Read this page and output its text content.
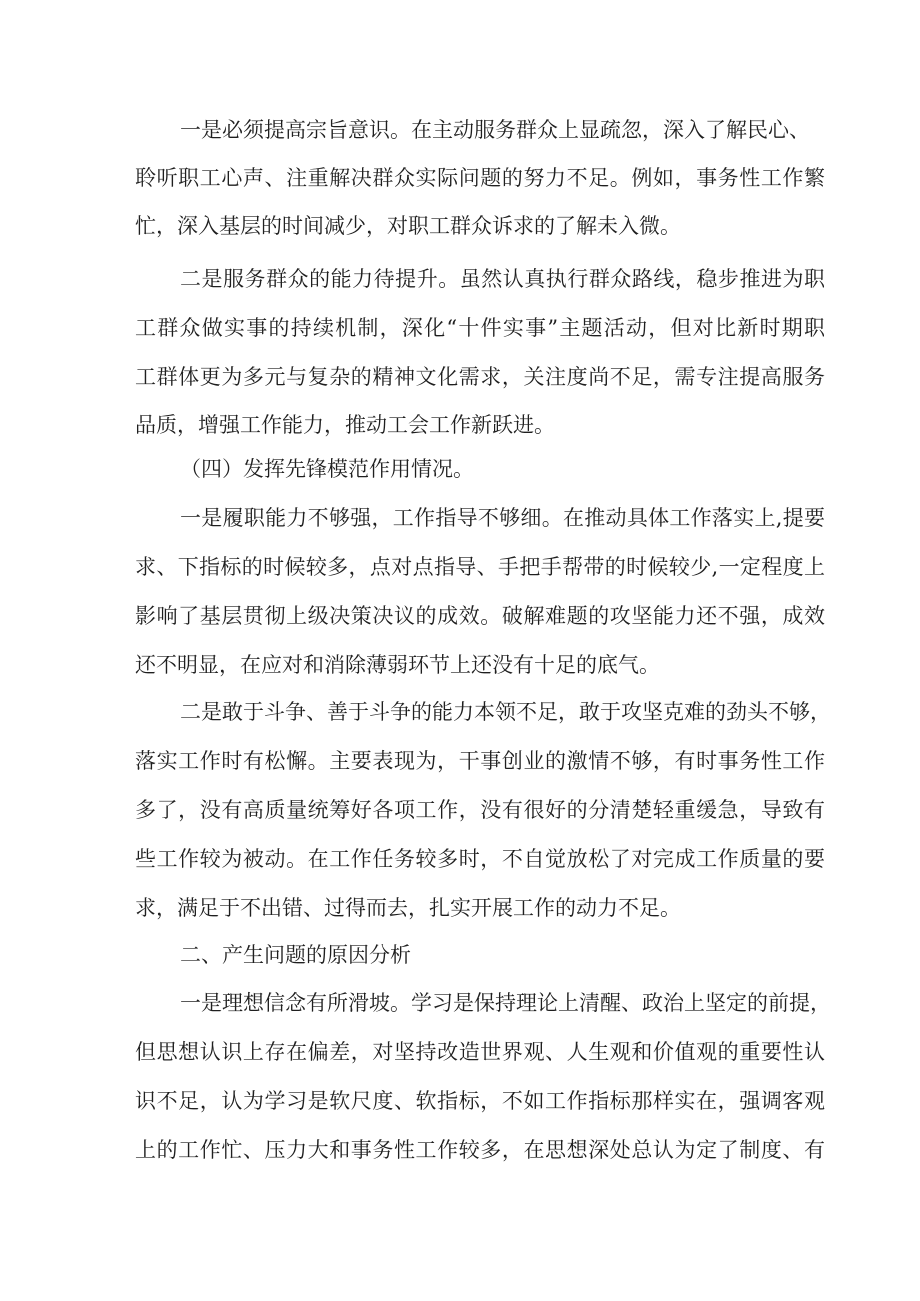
一是必须提高宗旨意识。在主动服务群众上显疏忽，深入了解民心、

聆听职工心声、注重解决群众实际问题的努力不足。例如，事务性工作繁

忙，深入基层的时间减少，对职工群众诉求的了解未入微。

二是服务群众的能力待提升。虽然认真执行群众路线，稳步推进为职

工群众做实事的持续机制，深化“十件实事”主题活动，但对比新时期职

工群体更为多元与复杂的精神文化需求，关注度尚不足，需专注提高服务

品质，增强工作能力，推动工会工作新跃进。

（四）发挥先锋模范作用情况。

一是履职能力不够强，工作指导不够细。在推动具体工作落实上,提要

求、下指标的时候较多，点对点指导、手把手帮带的时候较少,一定程度上

影响了基层贯彻上级决策决议的成效。破解难题的攻坚能力还不强，成效

还不明显，在应对和消除薄弱环节上还没有十足的底气。

二是敢于斗争、善于斗争的能力本领不足，敢于攻坚克难的劲头不够，

落实工作时有松懈。主要表现为，干事创业的激情不够，有时事务性工作

多了，没有高质量统筹好各项工作，没有很好的分清楚轻重缓急，导致有

些工作较为被动。在工作任务较多时，不自觉放松了对完成工作质量的要

求，满足于不出错、过得而去，扎实开展工作的动力不足。

二、产生问题的原因分析

一是理想信念有所滑坡。学习是保持理论上清醒、政治上坚定的前提，

但思想认识上存在偏差，对坚持改造世界观、人生观和价值观的重要性认

识不足，认为学习是软尺度、软指标，不如工作指标那样实在，强调客观

上的工作忙、压力大和事务性工作较多，在思想深处总认为定了制度、有
